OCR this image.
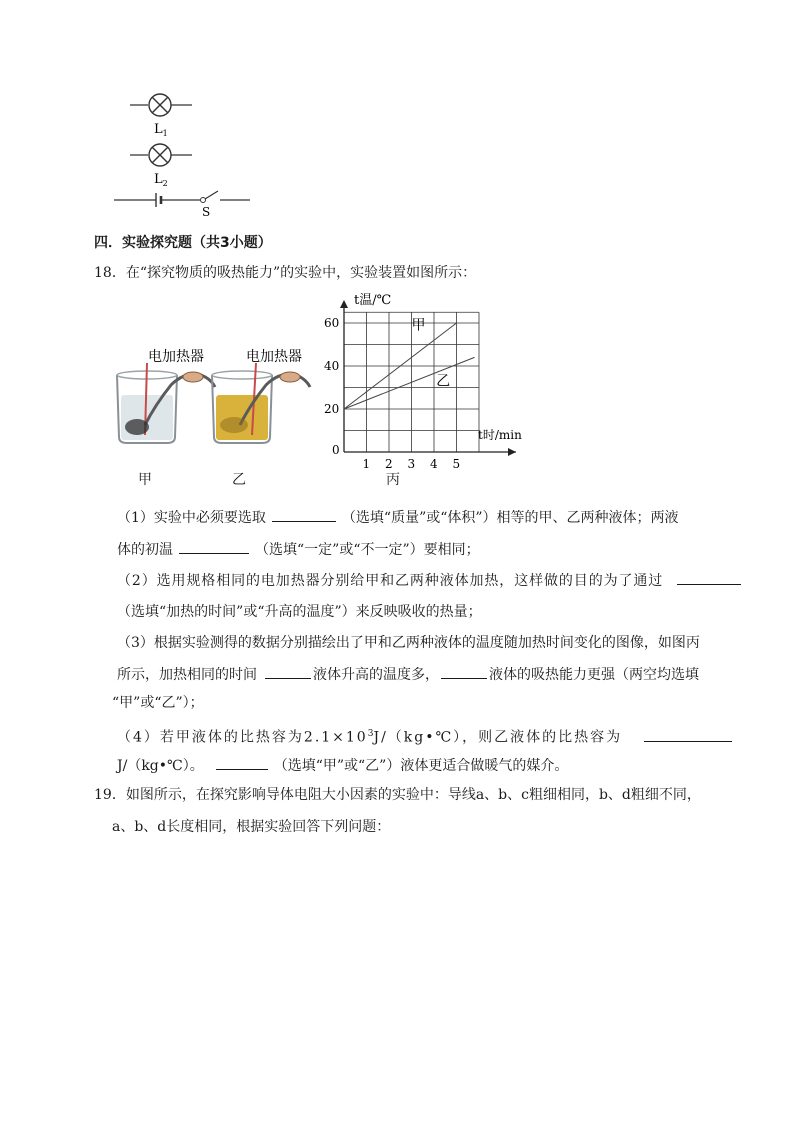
$L_1$
$L_2$
S
四．实验探究题（共3小题）
18．在“探究物质的吸热能力”的实验中，实验装置如图所示：
电加热器	电加热器
甲	乙
1 2 3 4 5
0
20
40
60	甲
乙
t温/℃
t时/min
丙
（1）实验中必须要选取	（选填“质量”或“体积”）相等的甲、乙两种液体；两液
体的初温	（选填“一定”或“不一定”）要相同；
（2）选用规格相同的电加热器分别给甲和乙两种液体加热，这样做的目的为了通过
（选填“加热的时间”或“升高的温度”）来反映吸收的热量；
（3）根据实验测得的数据分别描绘出了甲和乙两种液体的温度随加热时间变化的图像，如图丙
所示，加热相同的时间	液体升高的温度多，	液体的吸热能力更强（两空均选填
“甲”或“乙”）；
（4）若甲液体的比热容为$2.1\times 10^3J/(kg•℃)$，则乙液体的比热容为
J/（kg•℃）。	（选填“甲”或“乙”）液体更适合做暖气的媒介。
19．如图所示，在探究影响导体电阻大小因素的实验中：导线a、b、c粗细相同，b、d粗细不同，
a、b、d长度相同，根据实验回答下列问题：
